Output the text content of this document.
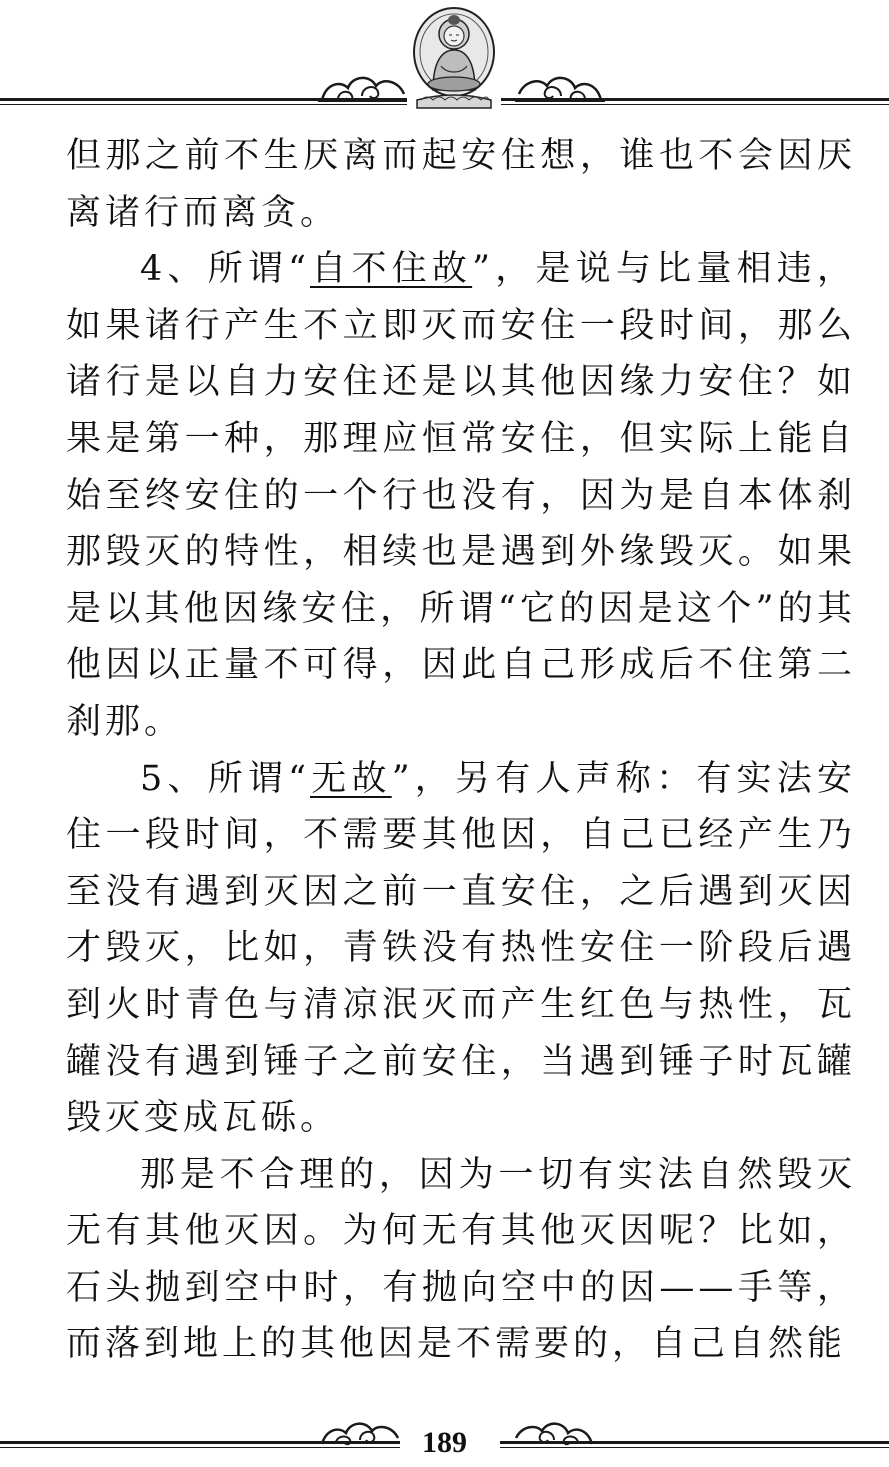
但那之前不生厌离而起安住想，谁也不会因厌离诸行而离贪。

4、所谓“自不住故”，是说与比量相违，如果诸行产生不立即灭而安住一段时间，那么诸行是以自力安住还是以其他因缘力安住？如果是第一种，那理应恒常安住，但实际上能自始至终安住的一个行也没有，因为是自本体刹那毁灭的特性，相续也是遇到外缘毁灭。如果是以其他因缘安住，所谓“它的因是这个”的其他因以正量不可得，因此自己形成后不住第二刹那。

5、所谓“无故”，另有人声称：有实法安住一段时间，不需要其他因，自己已经产生乃至没有遇到灭因之前一直安住，之后遇到灭因才毁灭，比如，青铁没有热性安住一阶段后遇到火时青色与清凉泯灭而产生红色与热性，瓦罐没有遇到锤子之前安住，当遇到锤子时瓦罐毁灭变成瓦砾。

那是不合理的，因为一切有实法自然毁灭无有其他灭因。为何无有其他灭因呢？比如，石头抛到空中时，有抛向空中的因——手等，而落到地上的其他因是不需要的，自己自然能

189
